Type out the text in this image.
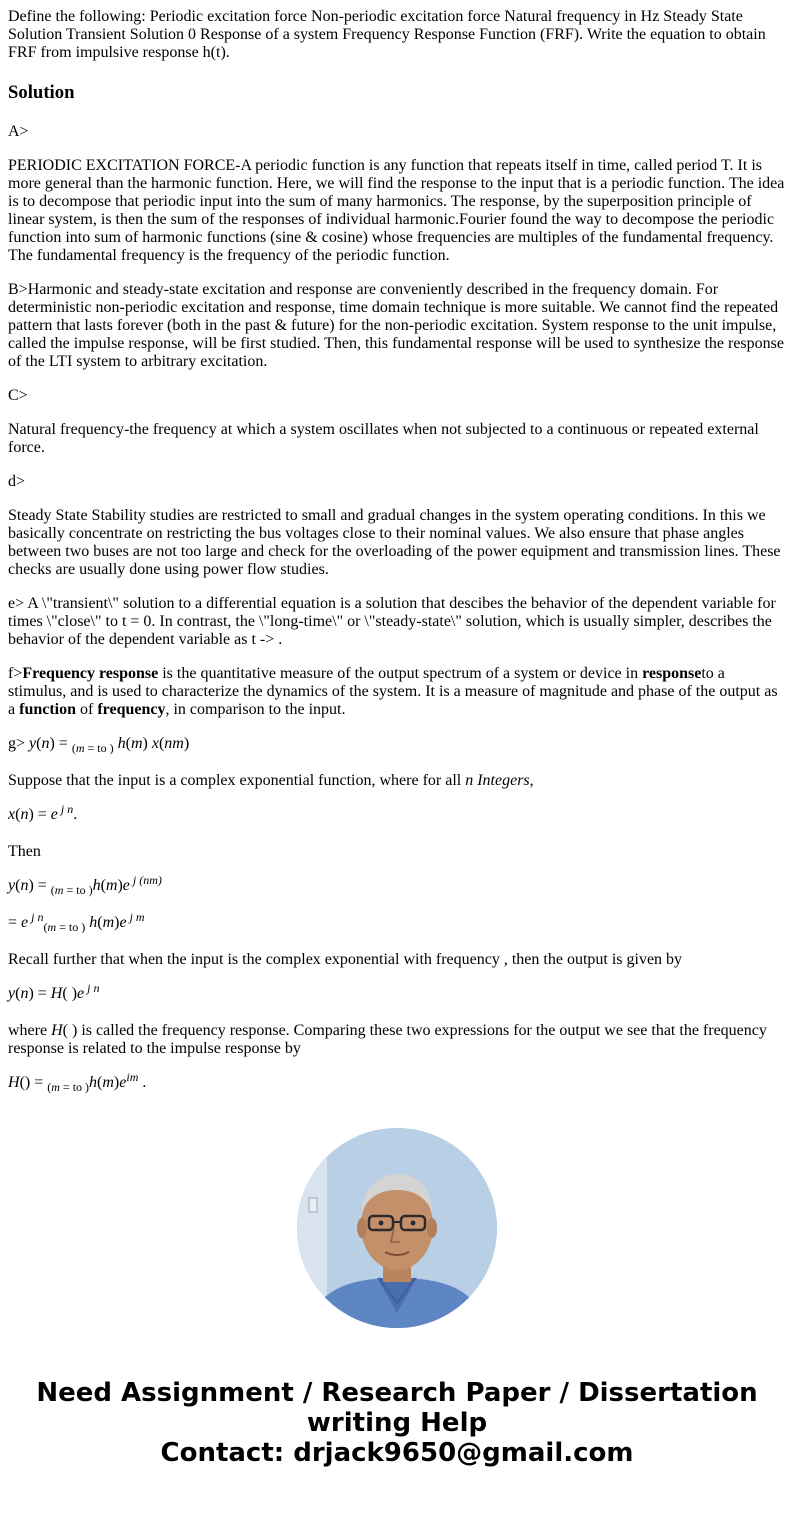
Define the following: Periodic excitation force Non-periodic excitation force Natural frequency in Hz Steady State Solution Transient Solution 0 Response of a system Frequency Response Function (FRF). Write the equation to obtain FRF from impulsive response h(t).

Solution

A>

PERIODIC EXCITATION FORCE-A periodic function is any function that repeats itself in time, called period T. It is more general than the harmonic function. Here, we will find the response to the input that is a periodic function. The idea is to decompose that periodic input into the sum of many harmonics. The response, by the superposition principle of linear system, is then the sum of the responses of individual harmonic.Fourier found the way to decompose the periodic function into sum of harmonic functions (sine & cosine) whose frequencies are multiples of the fundamental frequency. The fundamental frequency is the frequency of the periodic function.

B>Harmonic and steady-state excitation and response are conveniently described in the frequency domain. For deterministic non-periodic excitation and response, time domain technique is more suitable. We cannot find the repeated pattern that lasts forever (both in the past & future) for the non-periodic excitation. System response to the unit impulse, called the impulse response, will be first studied. Then, this fundamental response will be used to synthesize the response of the LTI system to arbitrary excitation.

C>

Natural frequency-the frequency at which a system oscillates when not subjected to a continuous or repeated external force.

d>

Steady State Stability studies are restricted to small and gradual changes in the system operating conditions. In this we basically concentrate on restricting the bus voltages close to their nominal values. We also ensure that phase angles between two buses are not too large and check for the overloading of the power equipment and transmission lines. These checks are usually done using power flow studies.

e> A \"transient\" solution to a differential equation is a solution that descibes the behavior of the dependent variable for times \"close\" to t = 0. In contrast, the \"long-time\" or \"steady-state\" solution, which is usually simpler, describes the behavior of the dependent variable as t -> .

f>Frequency response is the quantitative measure of the output spectrum of a system or device in responseto a stimulus, and is used to characterize the dynamics of the system. It is a measure of magnitude and phase of the output as a function of frequency, in comparison to the input.

g> y(n) = $_{(m = to )}$ h(m) x(nm)

Suppose that the input is a complex exponential function, where for all n Integers,

x(n) = e $^{j n}$.

Then

y(n) = $_{(m = to )}$h(m)e $^{j (nm)}$

= e $^{j n}_{(m = to )}$ h(m)e $^{j m}$

Recall further that when the input is the complex exponential with frequency , then the output is given by

y(n) = H( )e $^{j n}$

where H( ) is called the frequency response. Comparing these two expressions for the output we see that the frequency response is related to the impulse response by

$H() = _{(m = to )}h(m)e^{im}$ .

Need Assignment / Research Paper / Dissertation
writing Help
Contact: drjack9650@gmail.com
